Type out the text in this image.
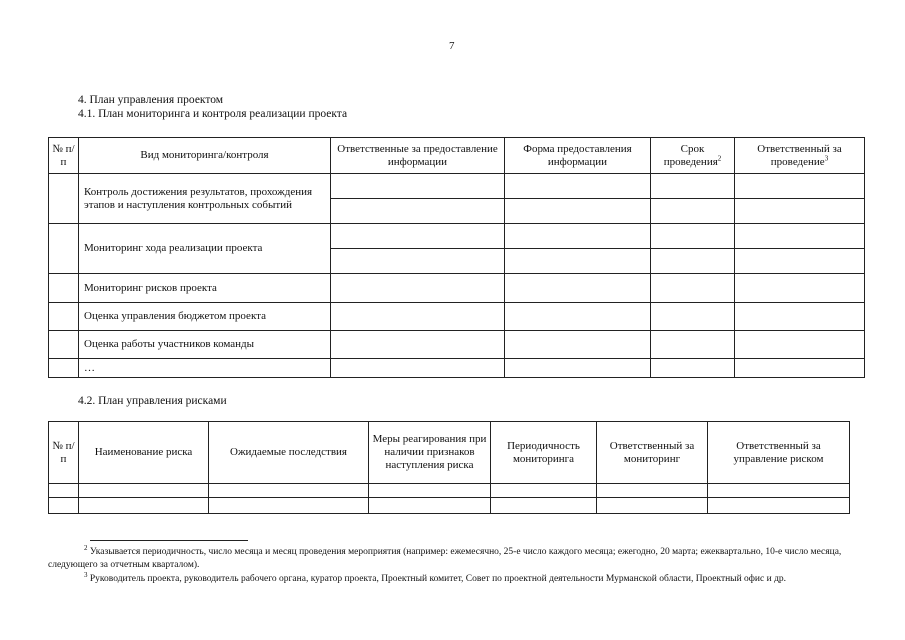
7
4. План управления проектом
4.1. План мониторинга и контроля реализации проекта
№ п/п	Вид мониторинга/контроля	Ответственные за предоставление информации	Форма предоставления информации	Срок проведения$^2$	Ответственный за проведение$^3$
	Контроль достижения результатов, прохождения этапов и наступления контрольных событий				

	Мониторинг хода реализации проекта				

	Мониторинг рисков проекта				
	Оценка управления бюджетом проекта				
	Оценка работы участников команды				
	…				
4.2. План управления рисками
№ п/п	Наименование риска	Ожидаемые последствия	Меры реагирования при наличии признаков наступления риска	Периодичность мониторинга	Ответственный за мониторинг	Ответственный за управление риском

$^2$ Указывается периодичность, число месяца и месяц проведения мероприятия (например: ежемесячно, 25-е число каждого месяца; ежегодно, 20 марта; ежеквартально, 10-е число месяца, следующего за отчетным кварталом).
$^3$ Руководитель проекта, руководитель рабочего органа, куратор проекта, Проектный комитет, Совет по проектной деятельности Мурманской области, Проектный офис и др.
